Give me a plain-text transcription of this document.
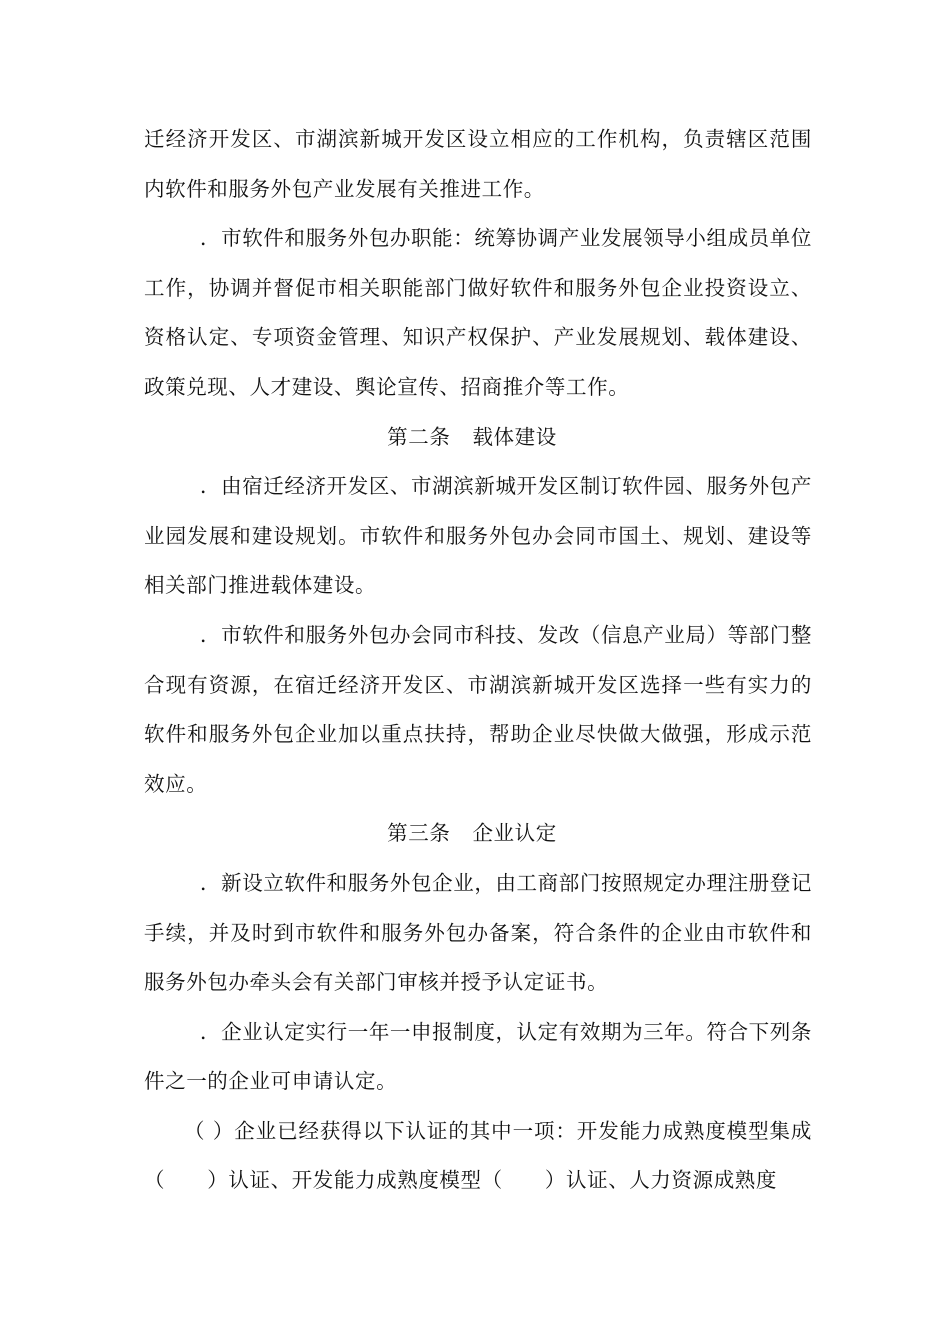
迁经济开发区、市湖滨新城开发区设立相应的工作机构，负责辖区范围内软件和服务外包产业发展有关推进工作。

．市软件和服务外包办职能：统筹协调产业发展领导小组成员单位工作，协调并督促市相关职能部门做好软件和服务外包企业投资设立、资格认定、专项资金管理、知识产权保护、产业发展规划、载体建设、政策兑现、人才建设、舆论宣传、招商推介等工作。

第二条 载体建设

．由宿迁经济开发区、市湖滨新城开发区制订软件园、服务外包产业园发展和建设规划。市软件和服务外包办会同市国土、规划、建设等相关部门推进载体建设。

．市软件和服务外包办会同市科技、发改（信息产业局）等部门整合现有资源，在宿迁经济开发区、市湖滨新城开发区选择一些有实力的软件和服务外包企业加以重点扶持，帮助企业尽快做大做强，形成示范效应。

第三条 企业认定

．新设立软件和服务外包企业，由工商部门按照规定办理注册登记手续，并及时到市软件和服务外包办备案，符合条件的企业由市软件和服务外包办牵头会有关部门审核并授予认定证书。

．企业认定实行一年一申报制度，认定有效期为三年。符合下列条件之一的企业可申请认定。

（ ）企业已经获得以下认证的其中一项：开发能力成熟度模型集成（　　）认证、开发能力成熟度模型（　　）认证、人力资源成熟度
